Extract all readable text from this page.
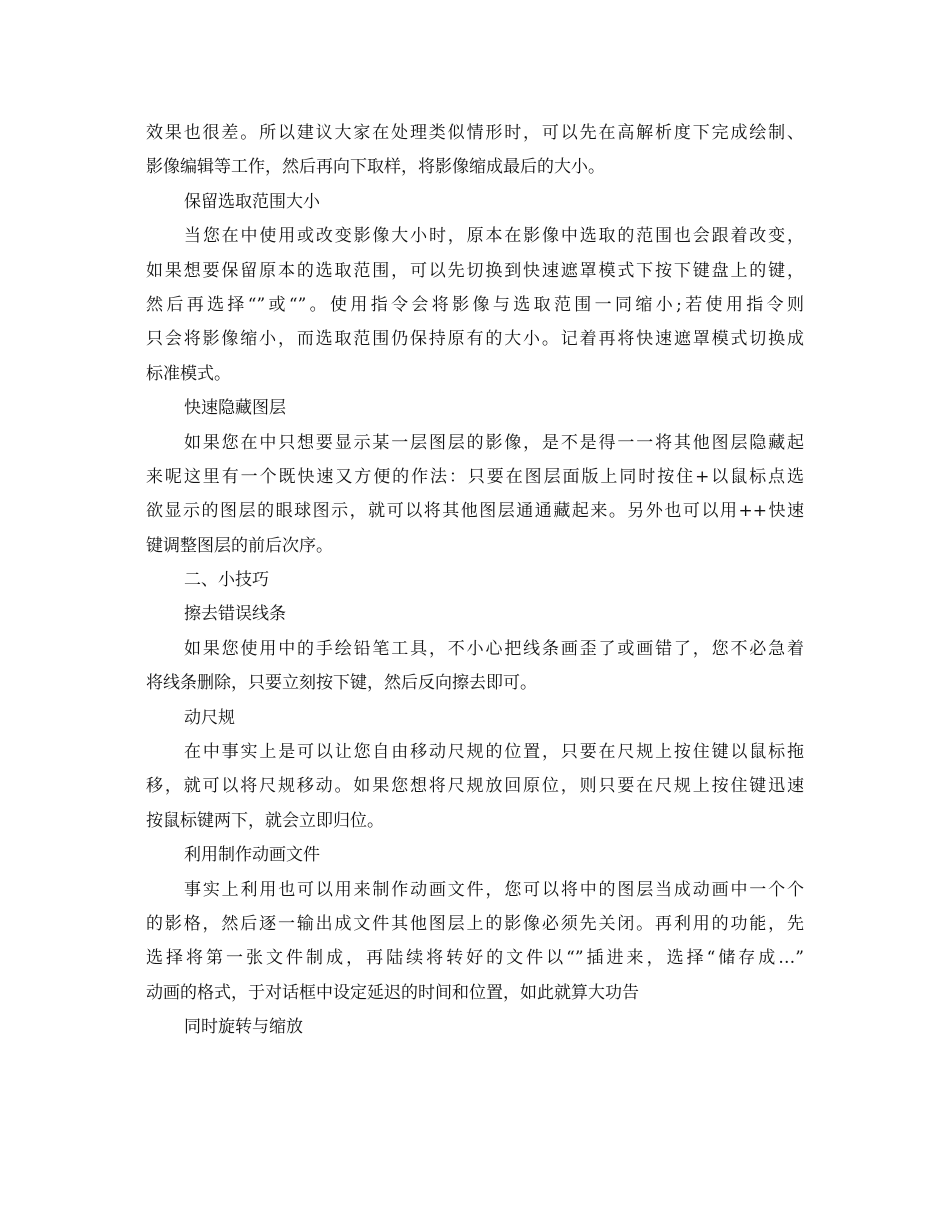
效果也很差。所以建议大家在处理类似情形时，可以先在高解析度下完成绘制、
影像编辑等工作，然后再向下取样，将影像缩成最后的大小。
保留选取范围大小
当您在中使用或改变影像大小时，原本在影像中选取的范围也会跟着改变，
如果想要保留原本的选取范围，可以先切换到快速遮罩模式下按下键盘上的键，
然后再选择“”或“”。使用指令会将影像与选取范围一同缩小;若使用指令则
只会将影像缩小，而选取范围仍保持原有的大小。记着再将快速遮罩模式切换成
标准模式。
快速隐藏图层
如果您在中只想要显示某一层图层的影像，是不是得一一将其他图层隐藏起
来呢这里有一个既快速又方便的作法：只要在图层面版上同时按住+以鼠标点选
欲显示的图层的眼球图示，就可以将其他图层通通藏起来。另外也可以用++快速
键调整图层的前后次序。
二、小技巧
擦去错误线条
如果您使用中的手绘铅笔工具，不小心把线条画歪了或画错了，您不必急着
将线条删除，只要立刻按下键，然后反向擦去即可。
动尺规
在中事实上是可以让您自由移动尺规的位置，只要在尺规上按住键以鼠标拖
移，就可以将尺规移动。如果您想将尺规放回原位，则只要在尺规上按住键迅速
按鼠标键两下，就会立即归位。
利用制作动画文件
事实上利用也可以用来制作动画文件，您可以将中的图层当成动画中一个个
的影格，然后逐一输出成文件其他图层上的影像必须先关闭。再利用的功能，先
选择将第一张文件制成，再陆续将转好的文件以“”插进来，选择“储存成…”
动画的格式，于对话框中设定延迟的时间和位置，如此就算大功告
同时旋转与缩放
